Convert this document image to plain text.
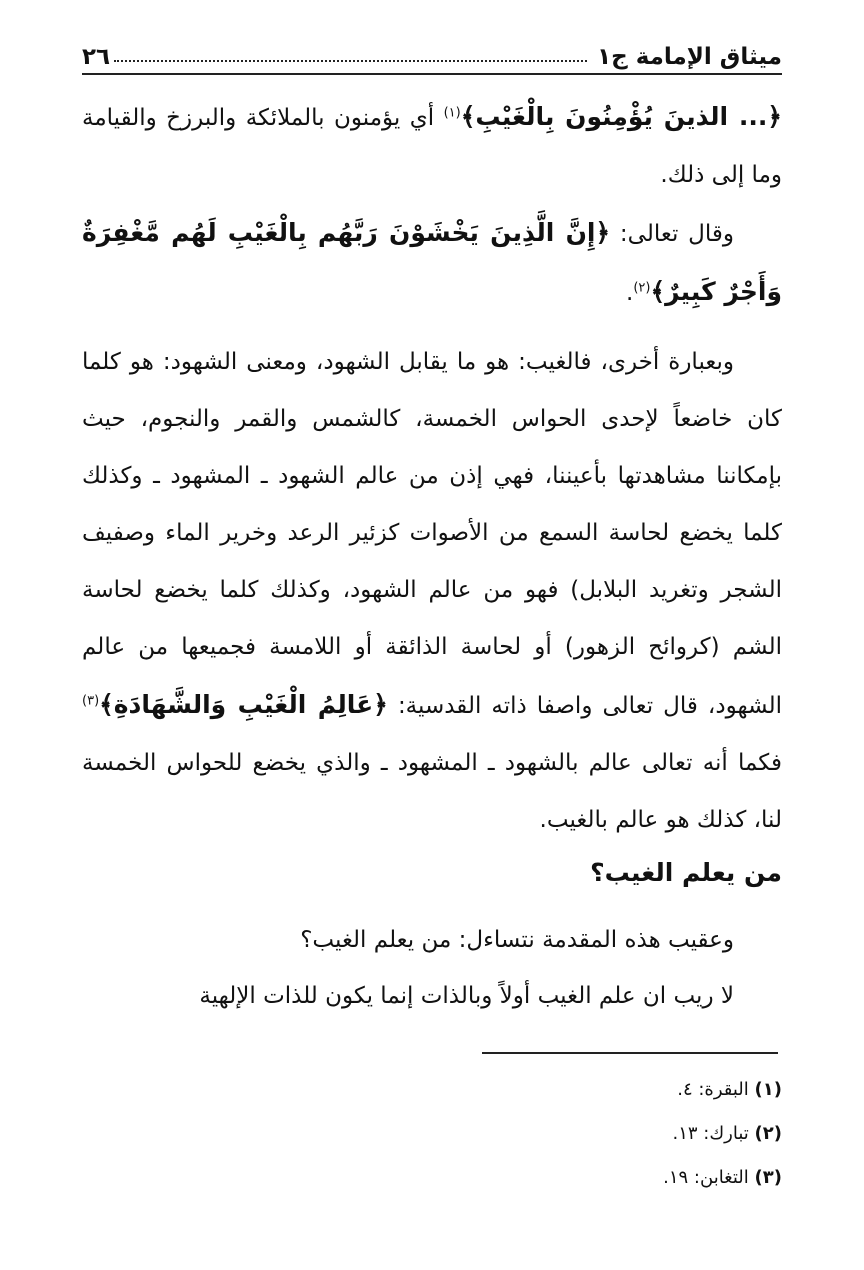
ميثاق الإمامة ج١
٢٦

﴿... الذينَ يُؤْمِنُونَ بِالْغَيْبِ﴾$^{(١)}$ أي يؤمنون بالملائكة والبرزخ والقيامة وما إلى ذلك.

وقال تعالى: ﴿إِنَّ الَّذِينَ يَخْشَوْنَ رَبَّهُم بِالْغَيْبِ لَهُم مَّغْفِرَةٌ وَأَجْرٌ كَبِيرٌ﴾$^{(٢)}$.

وبعبارة أخرى، فالغيب: هو ما يقابل الشهود، ومعنى الشهود: هو كلما كان خاضعاً لإحدى الحواس الخمسة، كالشمس والقمر والنجوم، حيث بإمكاننا مشاهدتها بأعيننا، فهي إذن من عالم الشهود ـ المشهود ـ وكذلك كلما يخضع لحاسة السمع من الأصوات كزئير الرعد وخرير الماء وصفيف الشجر وتغريد البلابل) فهو من عالم الشهود، وكذلك كلما يخضع لحاسة الشم (كروائح الزهور) أو لحاسة الذائقة أو اللامسة فجميعها من عالم الشهود، قال تعالى واصفا ذاته القدسية: ﴿عَالِمُ الْغَيْبِ وَالشَّهَادَةِ﴾$^{(٣)}$ فكما أنه تعالى عالم بالشهود ـ المشهود ـ والذي يخضع للحواس الخمسة لنا، كذلك هو عالم بالغيب.

من يعلم الغيب؟

وعقيب هذه المقدمة نتساءل: من يعلم الغيب؟

لا ريب ان علم الغيب أولاً وبالذات إنما يكون للذات الإلهية

(١) البقرة: ٤.
(٢) تبارك: ١٣.
(٣) التغابن: ١٩.
